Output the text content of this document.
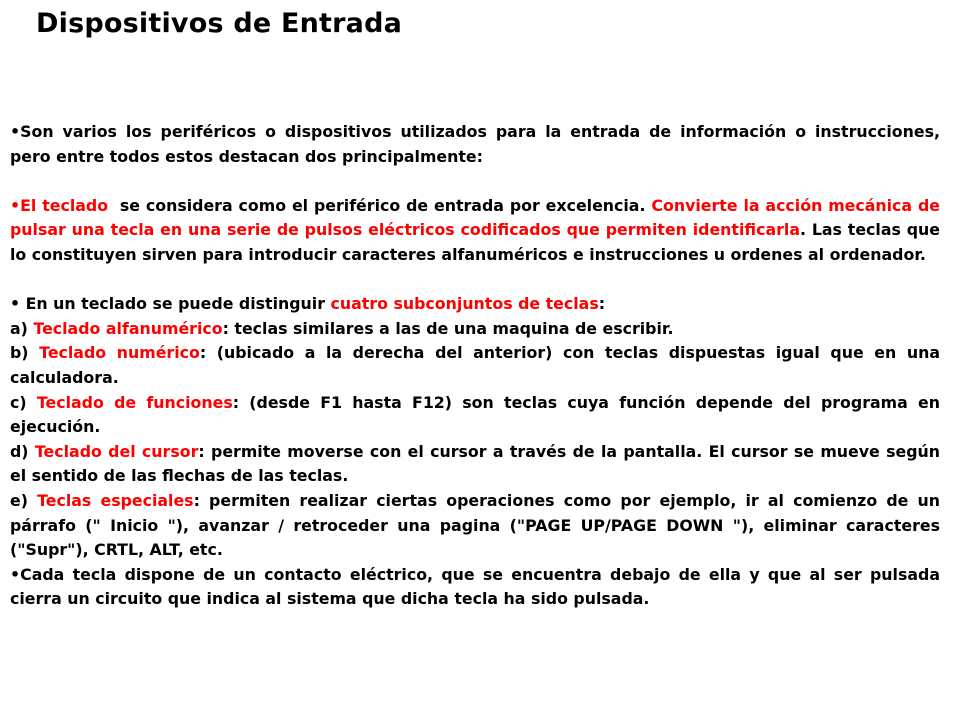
Dispositivos de Entrada

•Son varios los periféricos o dispositivos utilizados para la entrada de información o instrucciones, pero entre todos estos destacan dos principalmente:

•El teclado  se considera como el periférico de entrada por excelencia. Convierte la acción mecánica de pulsar una tecla en una serie de pulsos eléctricos codificados que permiten identificarla. Las teclas que lo constituyen sirven para introducir caracteres alfanuméricos e instrucciones u ordenes al ordenador.

• En un teclado se puede distinguir cuatro subconjuntos de teclas:

a) Teclado alfanumérico: teclas similares a las de una maquina de escribir.

b) Teclado numérico: (ubicado a la derecha del anterior) con teclas dispuestas igual que en una calculadora.

c) Teclado de funciones: (desde F1 hasta F12) son teclas cuya función depende del programa en ejecución.

d) Teclado del cursor: permite moverse con el cursor a través de la pantalla. El cursor se mueve según el sentido de las flechas de las teclas.

e) Teclas especiales: permiten realizar ciertas operaciones como por ejemplo, ir al comienzo de un párrafo (" Inicio "), avanzar / retroceder una pagina ("PAGE UP/PAGE DOWN "), eliminar caracteres ("Supr"), CRTL, ALT, etc.

•Cada tecla dispone de un contacto eléctrico, que se encuentra debajo de ella y que al ser pulsada cierra un circuito que indica al sistema que dicha tecla ha sido pulsada.
